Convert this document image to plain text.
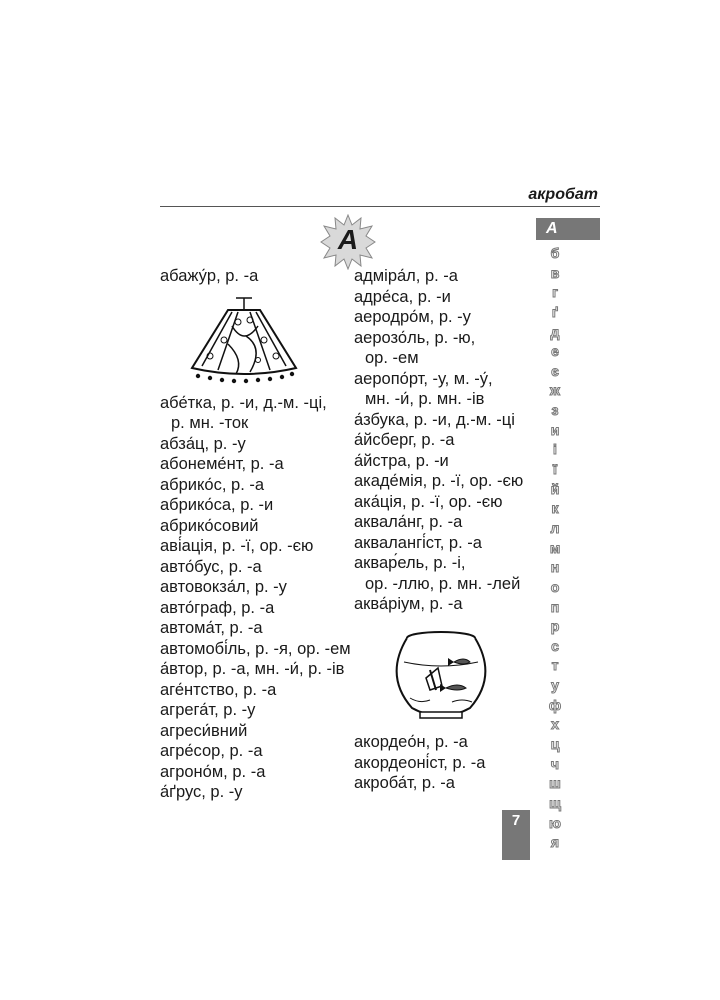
акробат
А
абажу́р, р. -а
абе́тка, р. -и, д.-м. -ці,
р. мн. -ток
абза́ц, р. -у
абонеме́нт, р. -а
абрико́с, р. -а
абрико́са, р. -и
абрико́совий
аві́ація, р. -ї, ор. -єю
авто́бус, р. -а
автовокза́л, р. -у
авто́граф, р. -а
автома́т, р. -а
автомобі́ль, р. -я, ор. -ем
а́втор, р. -а, мн. -и́, р. -ів
аге́нтство, р. -а
агрега́т, р. -у
агреси́вний
агре́сор, р. -а
агроно́м, р. -а
а́ґрус, р. -у
адміра́л, р. -а
адре́са, р. -и
аеродро́м, р. -у
аерозо́ль, р. -ю,
ор. -ем
аеропо́рт, -у, м. -у́,
мн. -и́, р. мн. -ів
а́збука, р. -и, д.-м. -ці
а́йсберг, р. -а
а́йстра, р. -и
акаде́мія, р. -ї, ор. -єю
ака́ція, р. -ї, ор. -єю
аквала́нг, р. -а
аквалангі́ст, р. -а
аквар́ель, р. -і,
ор. -ллю, р. мн. -лей
аква́ріум, р. -а
акордео́н, р. -а
акордеоні́ст, р. -а
акроба́т, р. -а
А
б
в
г
ґ
д
е
є
ж
з
и
і
ї
й
к
л
м
н
о
п
р
с
т
у
ф
х
ц
ч
ш
щ
ю
я
7
